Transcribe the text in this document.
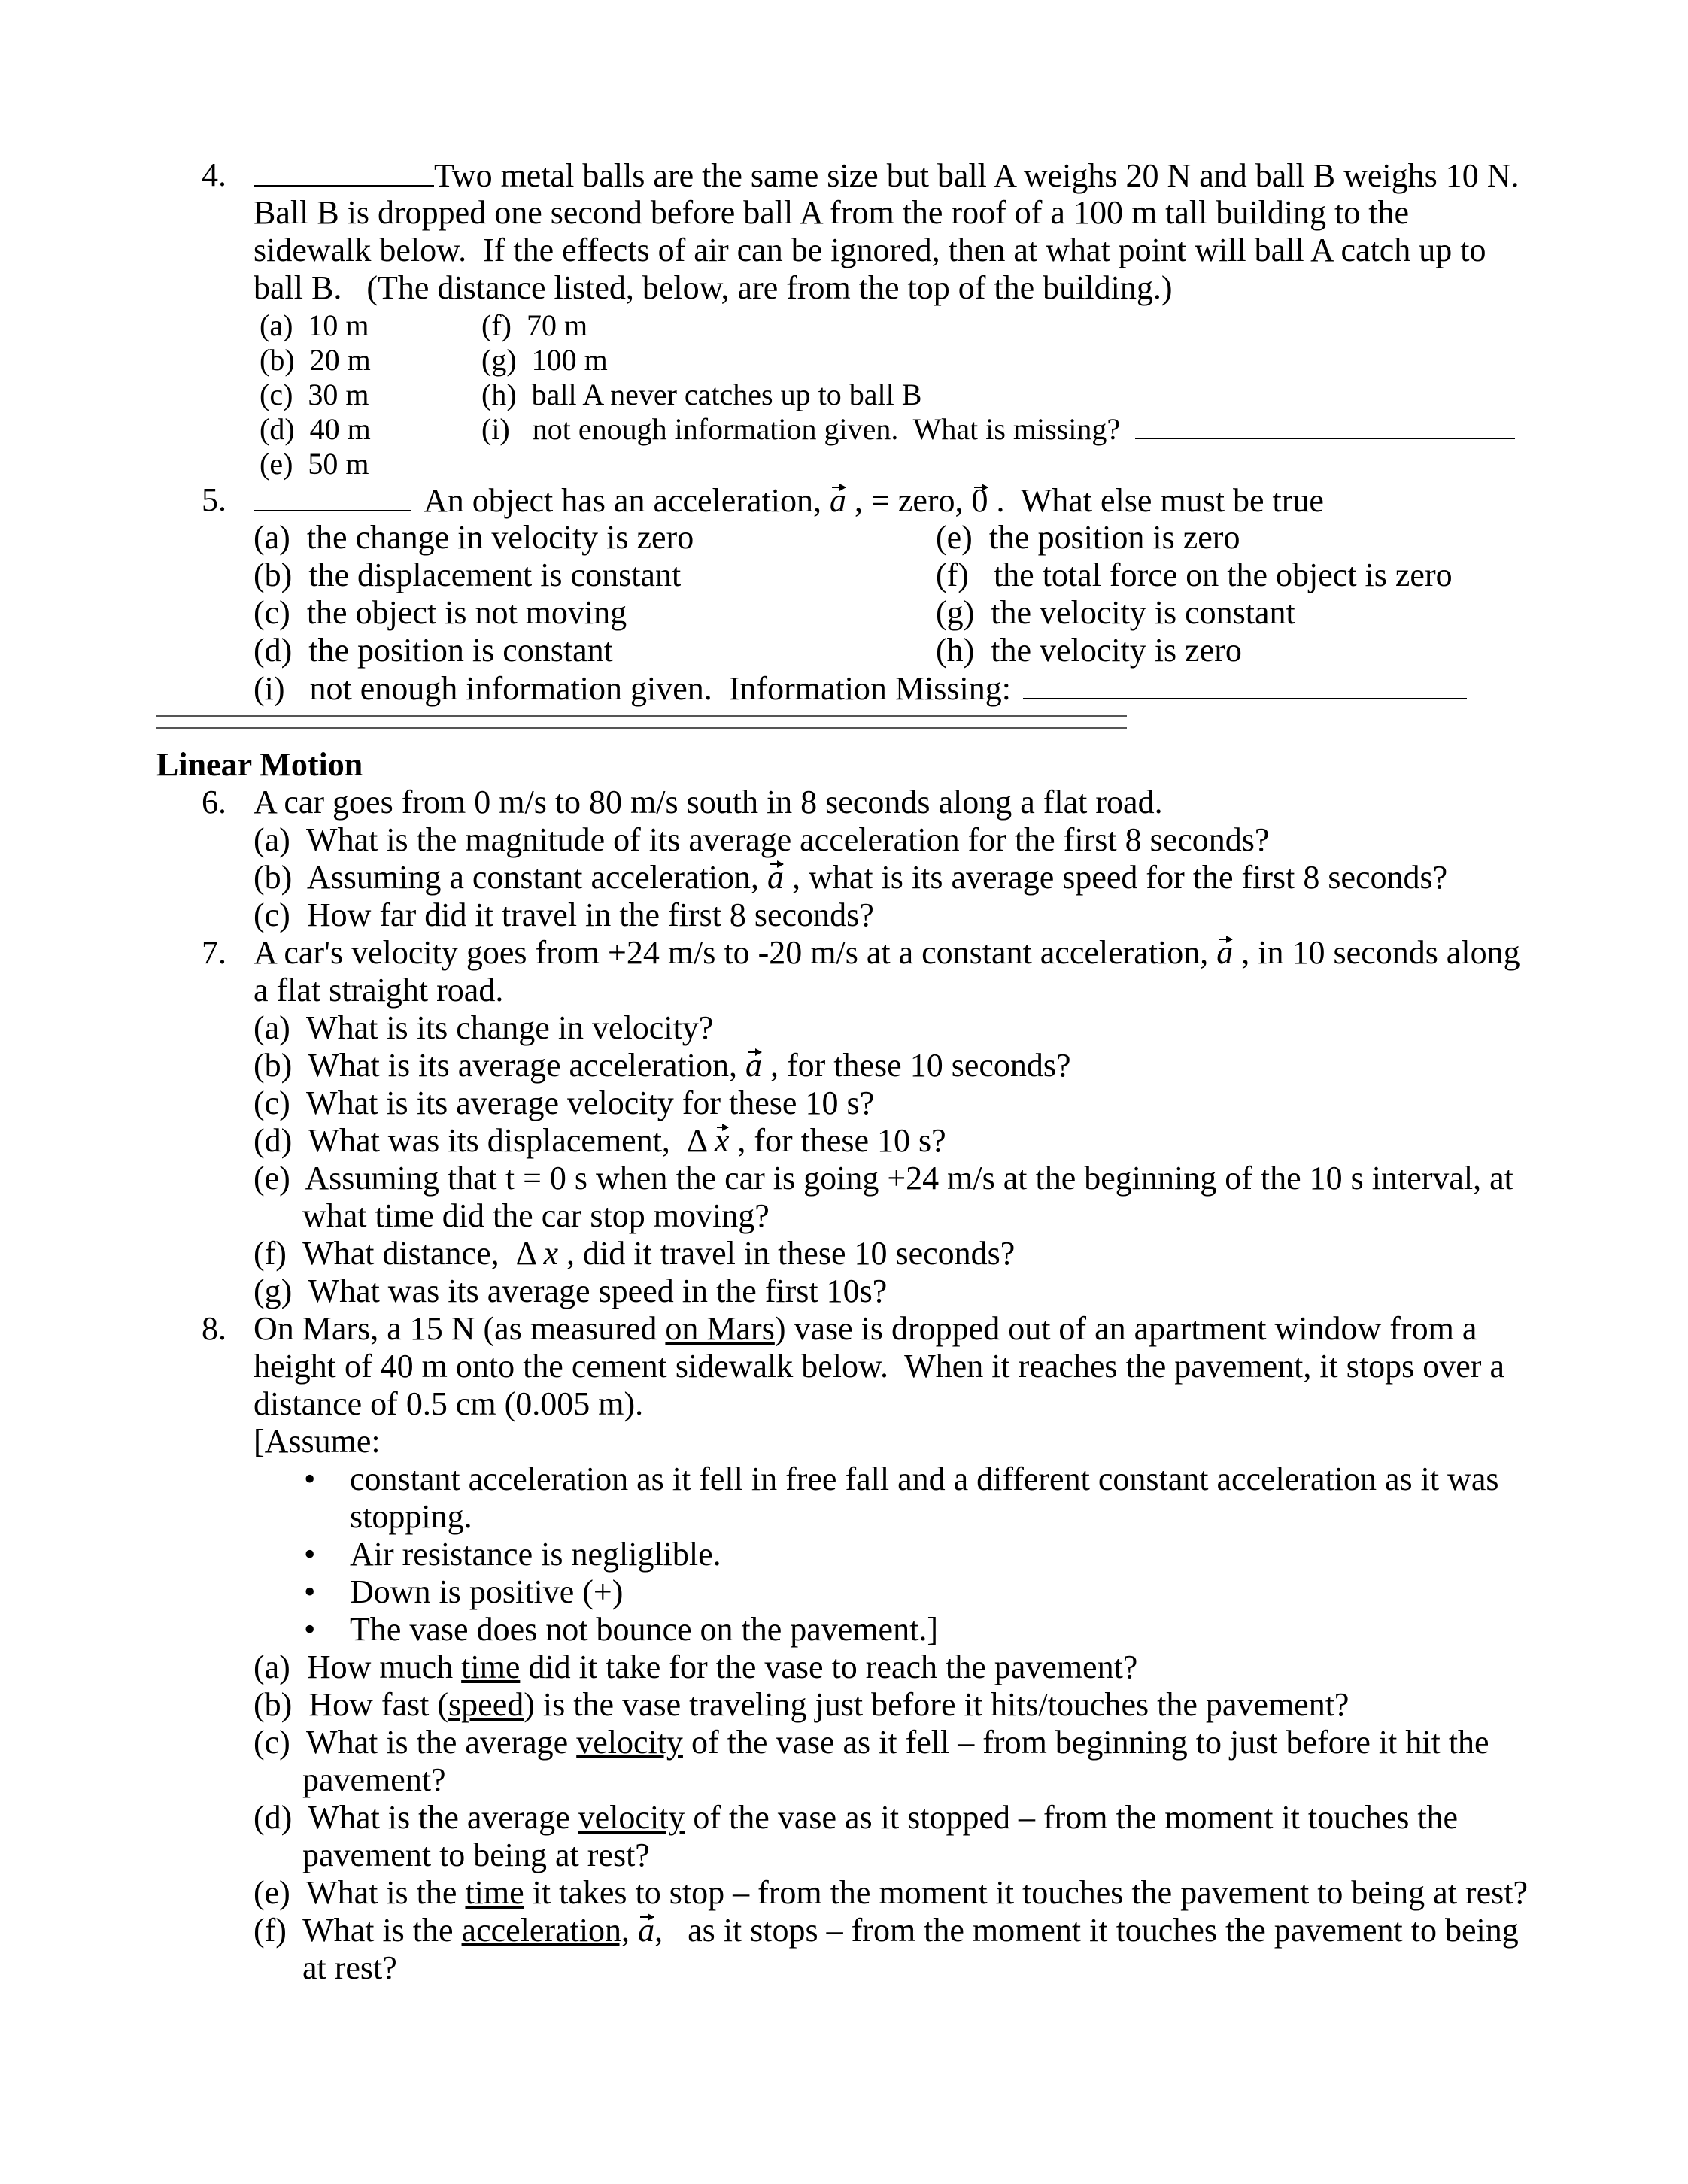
4.	Two metal balls are the same size but ball A weighs 20 N and ball B weighs 10 N.
Ball B is dropped one second before ball A from the roof of a 100 m tall building to the
sidewalk below.  If the effects of air can be ignored, then at what point will ball A catch up to
ball B.   (The distance listed, below, are from the top of the building.)
(a)  10 m
(b)  20 m
(c)  30 m
(d)  40 m
(e)  50 m
(f)  70 m
(g)  100 m
(h)  ball A never catches up to ball B
(i)   not enough information given.  What is missing?
5.	An object has an acceleration, a , = zero, 0 .  What else must be true
(a)  the change in velocity is zero
(b)  the displacement is constant
(c)  the object is not moving
(d)  the position is constant
(e)  the position is zero
(f)   the total force on the object is zero
(g)  the velocity is constant
(h)  the velocity is zero
(i)   not enough information given.  Information Missing:
Linear Motion
6. A car goes from 0 m/s to 80 m/s south in 8 seconds along a flat road.
(a)  What is the magnitude of its average acceleration for the first 8 seconds?
(b)  Assuming a constant acceleration, a , what is its average speed for the first 8 seconds?
(c)  How far did it travel in the first 8 seconds?
7. A car's velocity goes from +24 m/s to -20 m/s at a constant acceleration, a , in 10 seconds along
a flat straight road.
(a)  What is its change in velocity?
(b)  What is its average acceleration, a , for these 10 seconds?
(c)  What is its average velocity for these 10 s?
(d)  What was its displacement,  Δ x , for these 10 s?
(e)  Assuming that t = 0 s when the car is going +24 m/s at the beginning of the 10 s interval, at
what time did the car stop moving?
(f)  What distance,  Δ x , did it travel in these 10 seconds?
(g)  What was its average speed in the first 10s?
8. On Mars, a 15 N (as measured on Mars) vase is dropped out of an apartment window from a
height of 40 m onto the cement sidewalk below.  When it reaches the pavement, it stops over a
distance of 0.5 cm (0.005 m).
[Assume:
• constant acceleration as it fell in free fall and a different constant acceleration as it was
stopping.
• Air resistance is negliglible.
• Down is positive (+)
• The vase does not bounce on the pavement.]
(a)  How much time did it take for the vase to reach the pavement?
(b)  How fast (speed) is the vase traveling just before it hits/touches the pavement?
(c)  What is the average velocity of the vase as it fell – from beginning to just before it hit the
pavement?
(d)  What is the average velocity of the vase as it stopped – from the moment it touches the
pavement to being at rest?
(e)  What is the time it takes to stop – from the moment it touches the pavement to being at rest?
(f)  What is the acceleration, a,   as it stops – from the moment it touches the pavement to being
at rest?
